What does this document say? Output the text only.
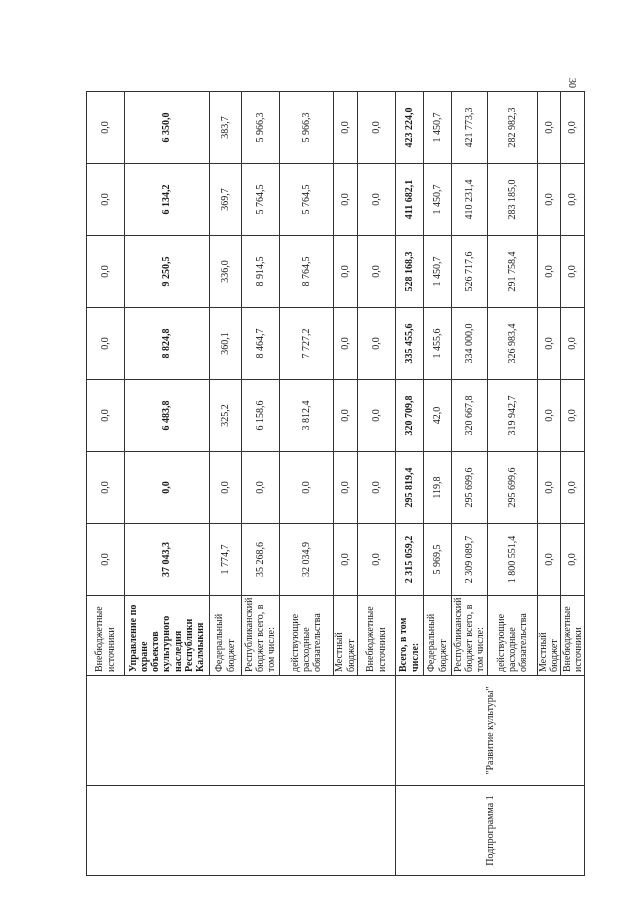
30
		Внебюджетные источники	0,0	0,0	0,0	0,0	0,0	0,0	0,0
		Управление по охране объектов культурного наследия Республики Калмыкия	37 043,3	0,0	6 483,8	8 824,8	9 250,5	6 134,2	6 350,0
		Федеральный бюджет	1 774,7	0,0	325,2	360,1	336,0	369,7	383,7
		Республиканский бюджет всего, в том числе:	35 268,6	0,0	6 158,6	8 464,7	8 914,5	5 764,5	5 966,3
		действующие расходные обязательства	32 034,9	0,0	3 812,4	7 727,2	8 764,5	5 764,5	5 966,3
		Местный бюджет	0,0	0,0	0,0	0,0	0,0	0,0	0,0
		Внебюджетные источники	0,0	0,0	0,0	0,0	0,0	0,0	0,0
Подпрограмма 1	"Развитие культуры"	Всего, в том числе:	2 315 059,2	295 819,4	320 709,8	335 455,6	528 168,3	411 682,1	423 224,0
		Федеральный бюджет	5 969,5	119,8	42,0	1 455,6	1 450,7	1 450,7	1 450,7
		Республиканский бюджет всего, в том числе:	2 309 089,7	295 699,6	320 667,8	334 000,0	526 717,6	410 231,4	421 773,3
		действующие расходные обязательства	1 800 551,4	295 699,6	319 942,7	326 983,4	291 758,4	283 185,0	282 982,3
		Местный бюджет	0,0	0,0	0,0	0,0	0,0	0,0	0,0
		Внебюджетные источники	0,0	0,0	0,0	0,0	0,0	0,0	0,0
